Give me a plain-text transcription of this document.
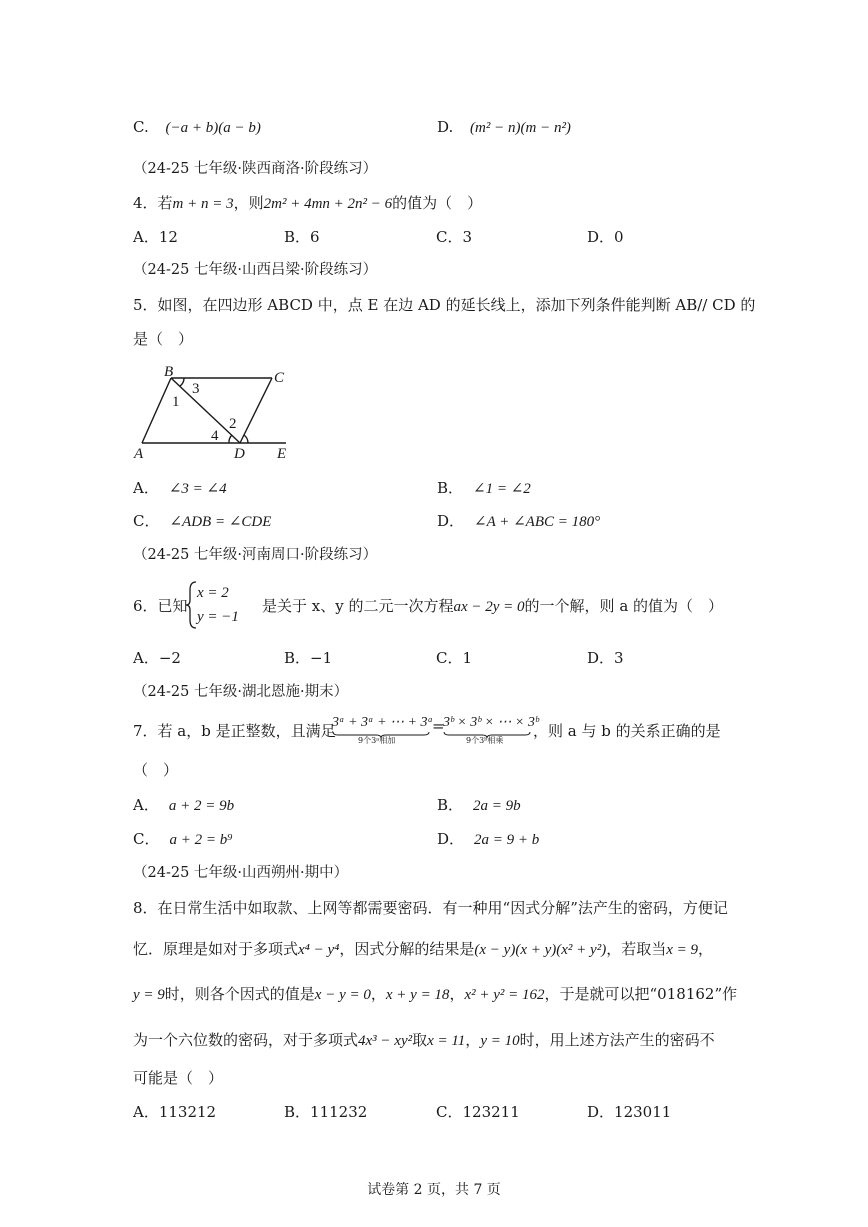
C. (−a + b)(a − b)	D. (m² − n)(m − n²)
（24-25 七年级·陕西商洛·阶段练习）
4．若m + n = 3，则2m² + 4mn + 2n² − 6的值为（　）
A．12	B．6	C．3	D．0
（24-25 七年级·山西吕梁·阶段练习）
5．如图，在四边形 ABCD 中，点 E 在边 AD 的延长线上，添加下列条件能判断 AB// CD 的
是（　）
B	C
A	D E
3
1
2
4
A． ∠3 = ∠4	B． ∠1 = ∠2
C． ∠ADB = ∠CDE	D． ∠A + ∠ABC = 180°
（24-25 七年级·河南周口·阶段练习）
6．已知
x = 2
y = −1
是关于 x、y 的二元一次方程ax − 2y = 0的一个解，则 a 的值为（　）
A．−2	B．−1	C．1	D．3
（24-25 七年级·湖北恩施·期末）
7．若 a，b 是正整数，且满足
3ᵃ + 3ᵃ + ⋯ + 3ᵃ
9个3ᵃ相加
=
3ᵇ × 3ᵇ × ⋯ × 3ᵇ
9个3ᵇ相乘
，则 a 与 b 的关系正确的是
（　）
A． a + 2 = 9b	B． 2a = 9b
C． a + 2 = b⁹	D． 2a = 9 + b
（24-25 七年级·山西朔州·期中）
8．在日常生活中如取款、上网等都需要密码．有一种用“因式分解”法产生的密码，方便记
忆．原理是如对于多项式x⁴ − y⁴，因式分解的结果是(x − y)(x + y)(x² + y²)，若取当x = 9，
y = 9时，则各个因式的值是x − y = 0，x + y = 18，x² + y² = 162，于是就可以把“018162”作
为一个六位数的密码，对于多项式4x³ − xy²取x = 11，y = 10时，用上述方法产生的密码不
可能是（　）
A．113212	B．111232	C．123211	D．123011
试卷第 2 页，共 7 页
